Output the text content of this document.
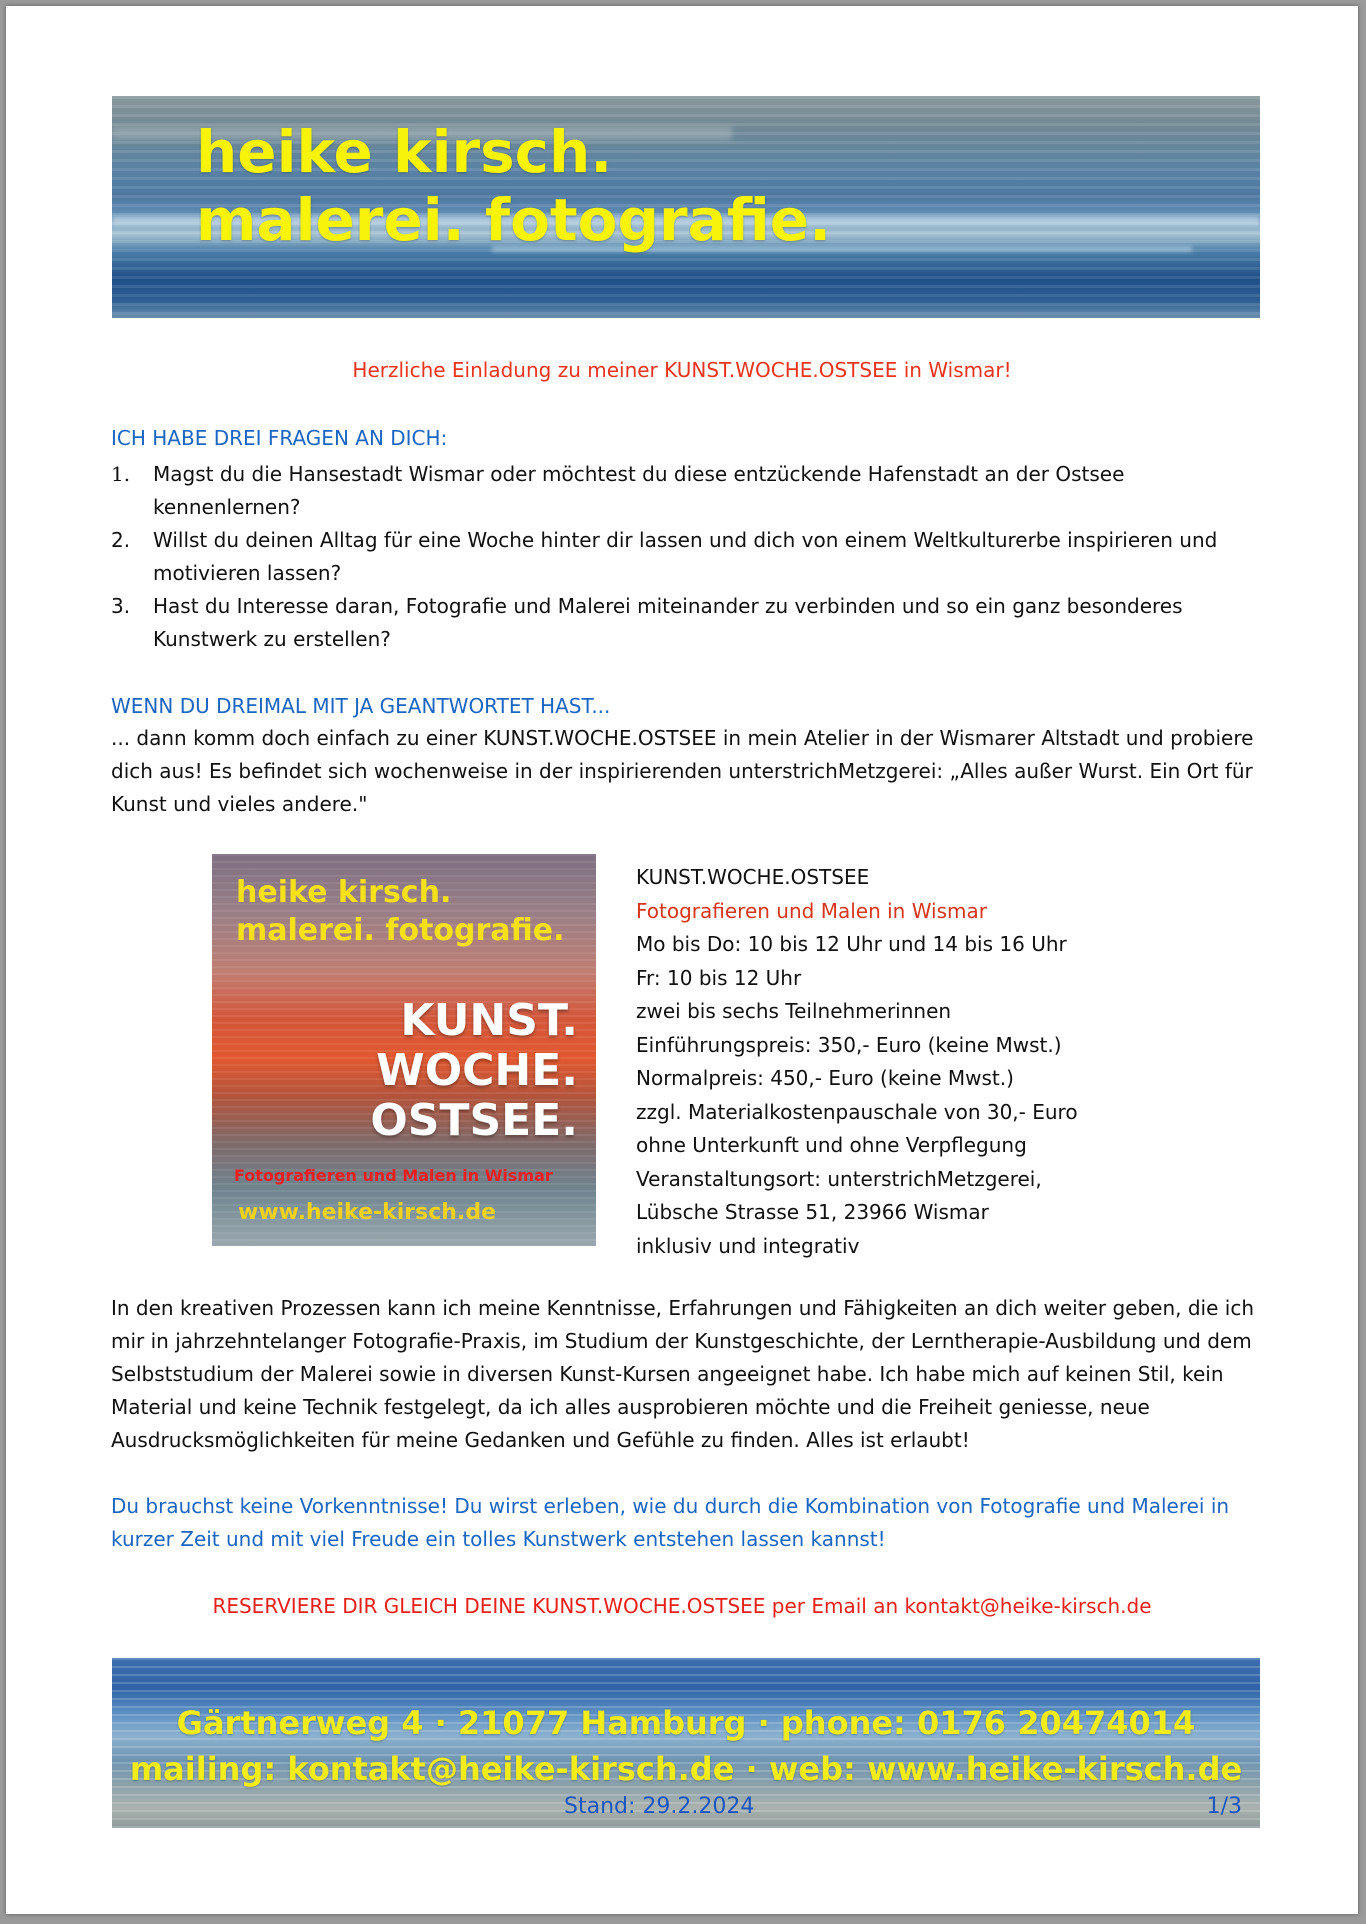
heike kirsch.
malerei. fotografie.
Herzliche Einladung zu meiner KUNST.WOCHE.OSTSEE in Wismar!
ICH HABE DREI FRAGEN AN DICH:
1. Magst du die Hansestadt Wismar oder möchtest du diese entzückende Hafenstadt an der Ostsee kennenlernen?
2. Willst du deinen Alltag für eine Woche hinter dir lassen und dich von einem Weltkulturerbe inspirieren und motivieren lassen?
3. Hast du Interesse daran, Fotografie und Malerei miteinander zu verbinden und so ein ganz besonderes Kunstwerk zu erstellen?
WENN DU DREIMAL MIT JA GEANTWORTET HAST...
... dann komm doch einfach zu einer KUNST.WOCHE.OSTSEE in mein Atelier in der Wismarer Altstadt und probiere dich aus! Es befindet sich wochenweise in der inspirierenden unterstrichMetzgerei: „Alles außer Wurst. Ein Ort für Kunst und vieles andere."
heike kirsch.
malerei. fotografie.
KUNST.
WOCHE.
OSTSEE.
Fotografieren und Malen in Wismar
www.heike-kirsch.de
KUNST.WOCHE.OSTSEE
Fotografieren und Malen in Wismar
Mo bis Do: 10 bis 12 Uhr und 14 bis 16 Uhr
Fr: 10 bis 12 Uhr
zwei bis sechs Teilnehmerinnen
Einführungspreis: 350,- Euro (keine Mwst.)
Normalpreis: 450,- Euro (keine Mwst.)
zzgl. Materialkostenpauschale von 30,- Euro
ohne Unterkunft und ohne Verpflegung
Veranstaltungsort: unterstrichMetzgerei,
Lübsche Strasse 51, 23966 Wismar
inklusiv und integrativ
In den kreativen Prozessen kann ich meine Kenntnisse, Erfahrungen und Fähigkeiten an dich weiter geben, die ich mir in jahrzehntelanger Fotografie-Praxis, im Studium der Kunstgeschichte, der Lerntherapie-Ausbildung und dem Selbststudium der Malerei sowie in diversen Kunst-Kursen angeeignet habe. Ich habe mich auf keinen Stil, kein Material und keine Technik festgelegt, da ich alles ausprobieren möchte und die Freiheit geniesse, neue Ausdrucksmöglichkeiten für meine Gedanken und Gefühle zu finden. Alles ist erlaubt!
Du brauchst keine Vorkenntnisse! Du wirst erleben, wie du durch die Kombination von Fotografie und Malerei in kurzer Zeit und mit viel Freude ein tolles Kunstwerk entstehen lassen kannst!
RESERVIERE DIR GLEICH DEINE KUNST.WOCHE.OSTSEE per Email an kontakt@heike-kirsch.de
Gärtnerweg 4 · 21077 Hamburg · phone: 0176 20474014
mailing: kontakt@heike-kirsch.de · web: www.heike-kirsch.de
Stand: 29.2.2024	1/3
